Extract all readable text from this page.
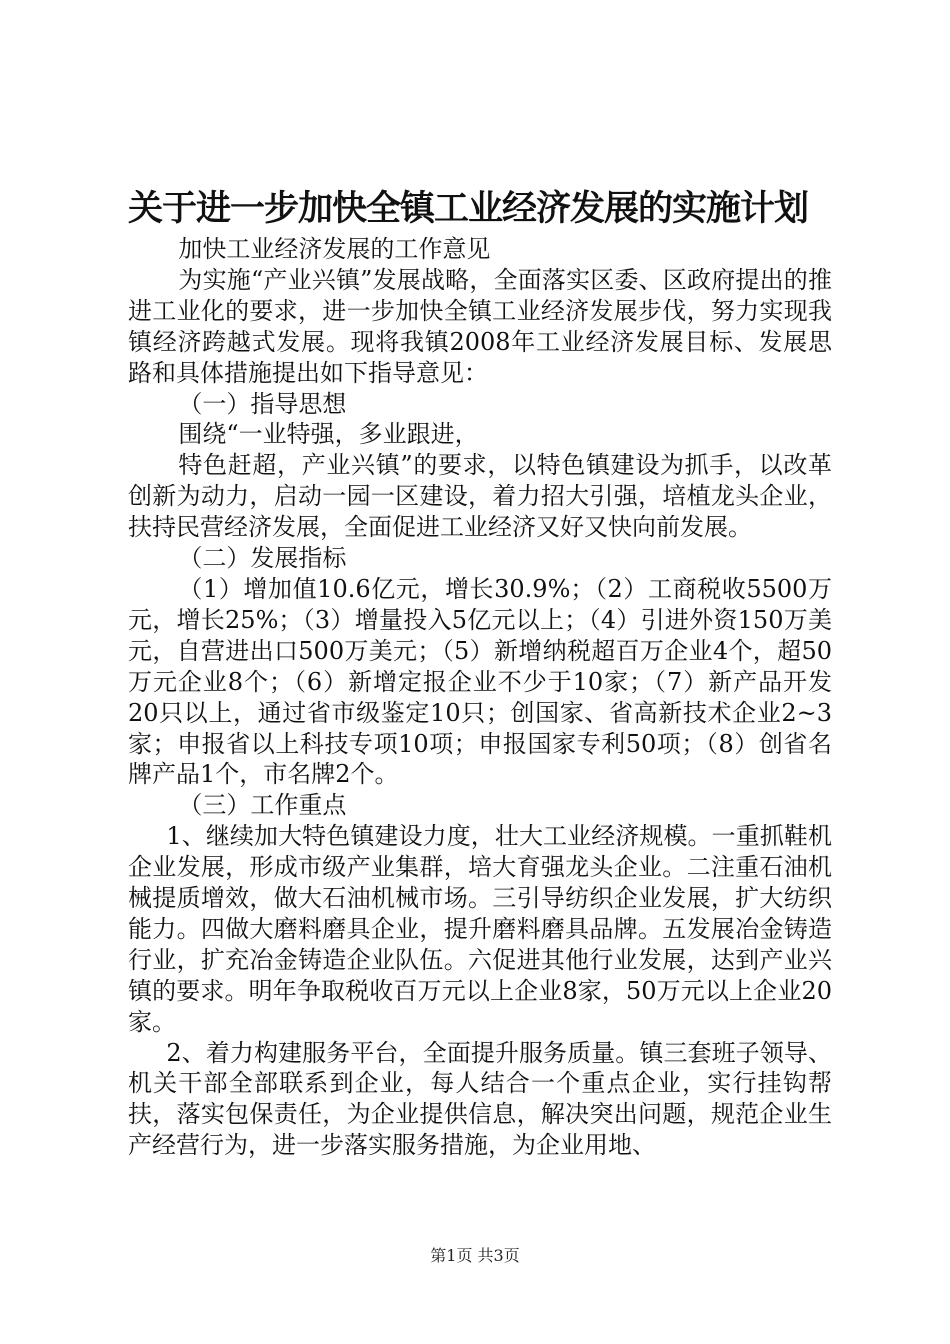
关于进一步加快全镇工业经济发展的实施计划

加快工业经济发展的工作意见

为实施“产业兴镇”发展战略，全面落实区委、区政府提出的推进工业化的要求，进一步加快全镇工业经济发展步伐，努力实现我镇经济跨越式发展。现将我镇2008年工业经济发展目标、发展思路和具体措施提出如下指导意见：

（一）指导思想

围绕“一业特强，多业跟进，

特色赶超，产业兴镇”的要求，以特色镇建设为抓手，以改革创新为动力，启动一园一区建设，着力招大引强，培植龙头企业，扶持民营经济发展，全面促进工业经济又好又快向前发展。

（二）发展指标

（1）增加值10.6亿元，增长30.9%；（2）工商税收5500万元，增长25%；（3）增量投入5亿元以上；（4）引进外资150万美元，自营进出口500万美元；（5）新增纳税超百万企业4个，超50万元企业8个；（6）新增定报企业不少于10家；（7）新产品开发20只以上，通过省市级鉴定10只；创国家、省高新技术企业2~3家；申报省以上科技专项10项；申报国家专利50项；（8）创省名牌产品1个，市名牌2个。

（三）工作重点

1、继续加大特色镇建设力度，壮大工业经济规模。一重抓鞋机企业发展，形成市级产业集群，培大育强龙头企业。二注重石油机械提质增效，做大石油机械市场。三引导纺织企业发展，扩大纺织能力。四做大磨料磨具企业，提升磨料磨具品牌。五发展冶金铸造行业，扩充冶金铸造企业队伍。六促进其他行业发展，达到产业兴镇的要求。明年争取税收百万元以上企业8家，50万元以上企业20家。

2、着力构建服务平台，全面提升服务质量。镇三套班子领导、机关干部全部联系到企业，每人结合一个重点企业，实行挂钩帮扶，落实包保责任，为企业提供信息，解决突出问题，规范企业生产经营行为，进一步落实服务措施，为企业用地、

第1页 共3页
